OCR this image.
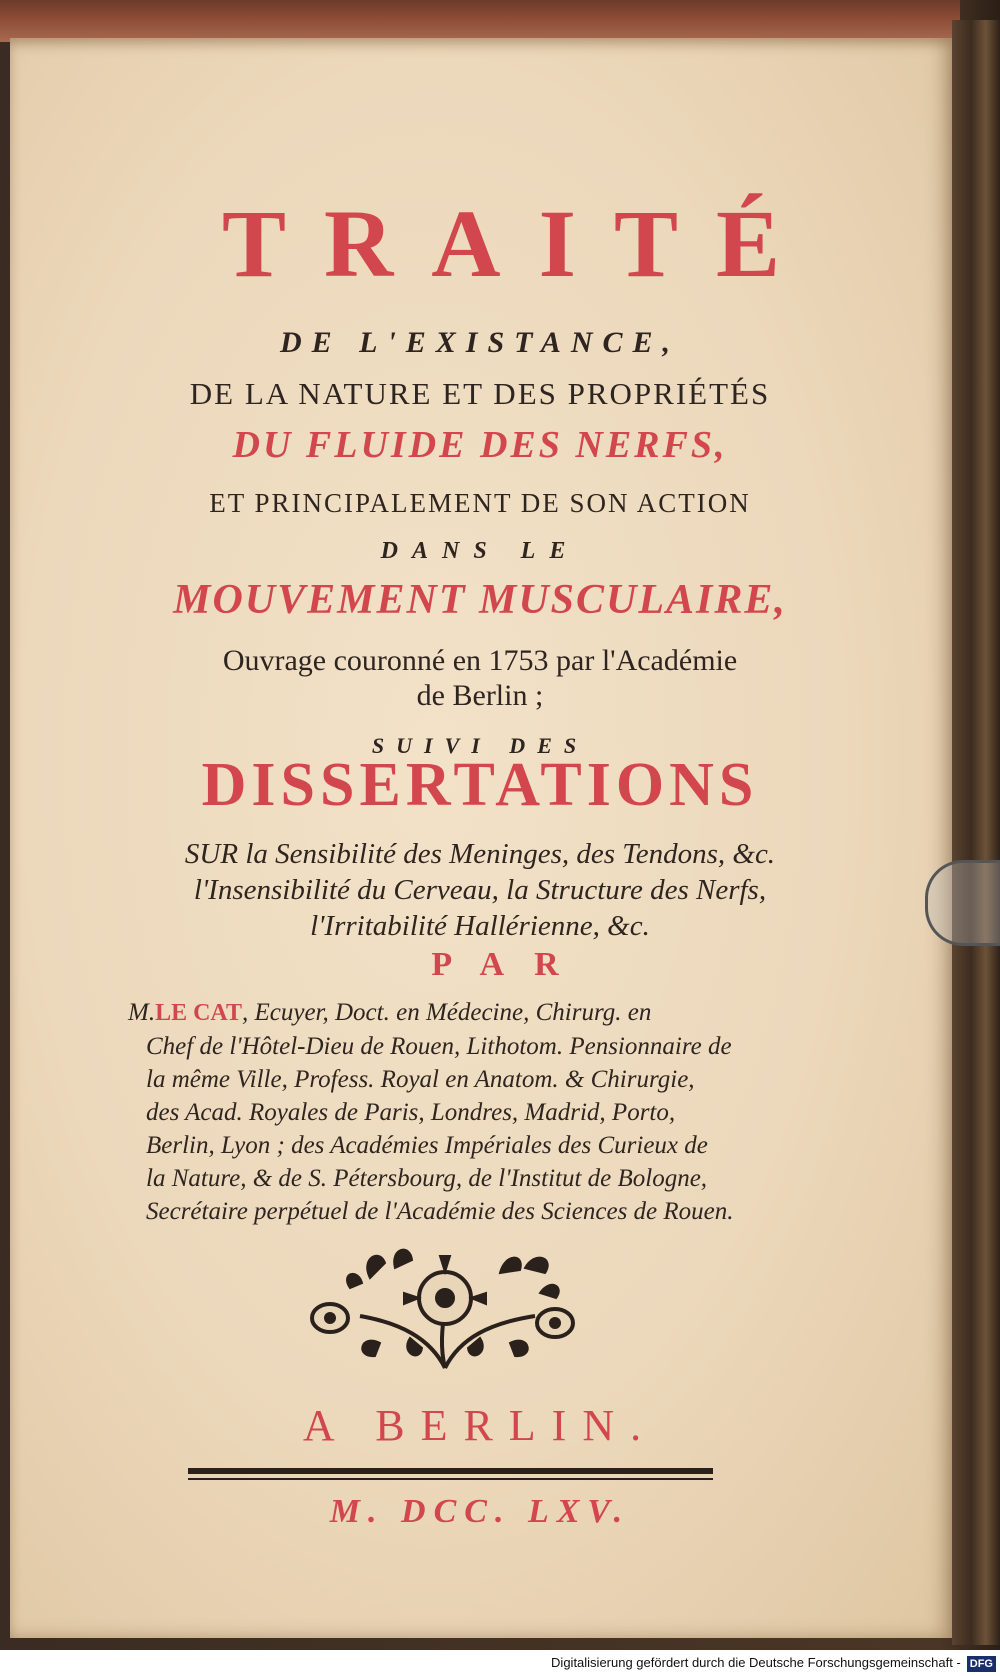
TRAITÉ
DE L'EXISTANCE,
DE LA NATURE ET DES PROPRIÉTÉS
DU FLUIDE DES NERFS,
ET PRINCIPALEMENT DE SON ACTION
DANS LE
MOUVEMENT MUSCULAIRE,
Ouvrage couronné en 1753 par l'Académie
de Berlin ;
SUIVI DES
DISSERTATIONS
SUR la Sensibilité des Meninges, des Tendons, &c.
l'Insensibilité du Cerveau, la Structure des Nerfs,
l'Irritabilité Hallérienne, &c.
PAR
M.LE CAT, Ecuyer, Doct. en Médecine, Chirurg. en
Chef de l'Hôtel-Dieu de Rouen, Lithotom. Pensionnaire de
la même Ville, Profess. Royal en Anatom. & Chirurgie,
des Acad. Royales de Paris, Londres, Madrid, Porto,
Berlin, Lyon ; des Académies Impériales des Curieux de
la Nature, & de S. Pétersbourg, de l'Institut de Bologne,
Secrétaire perpétuel de l'Académie des Sciences de Rouen.
A BERLIN.
M. DCC. LXV.
Digitalisierung gefördert durch die Deutsche Forschungsgemeinschaft - DFG
